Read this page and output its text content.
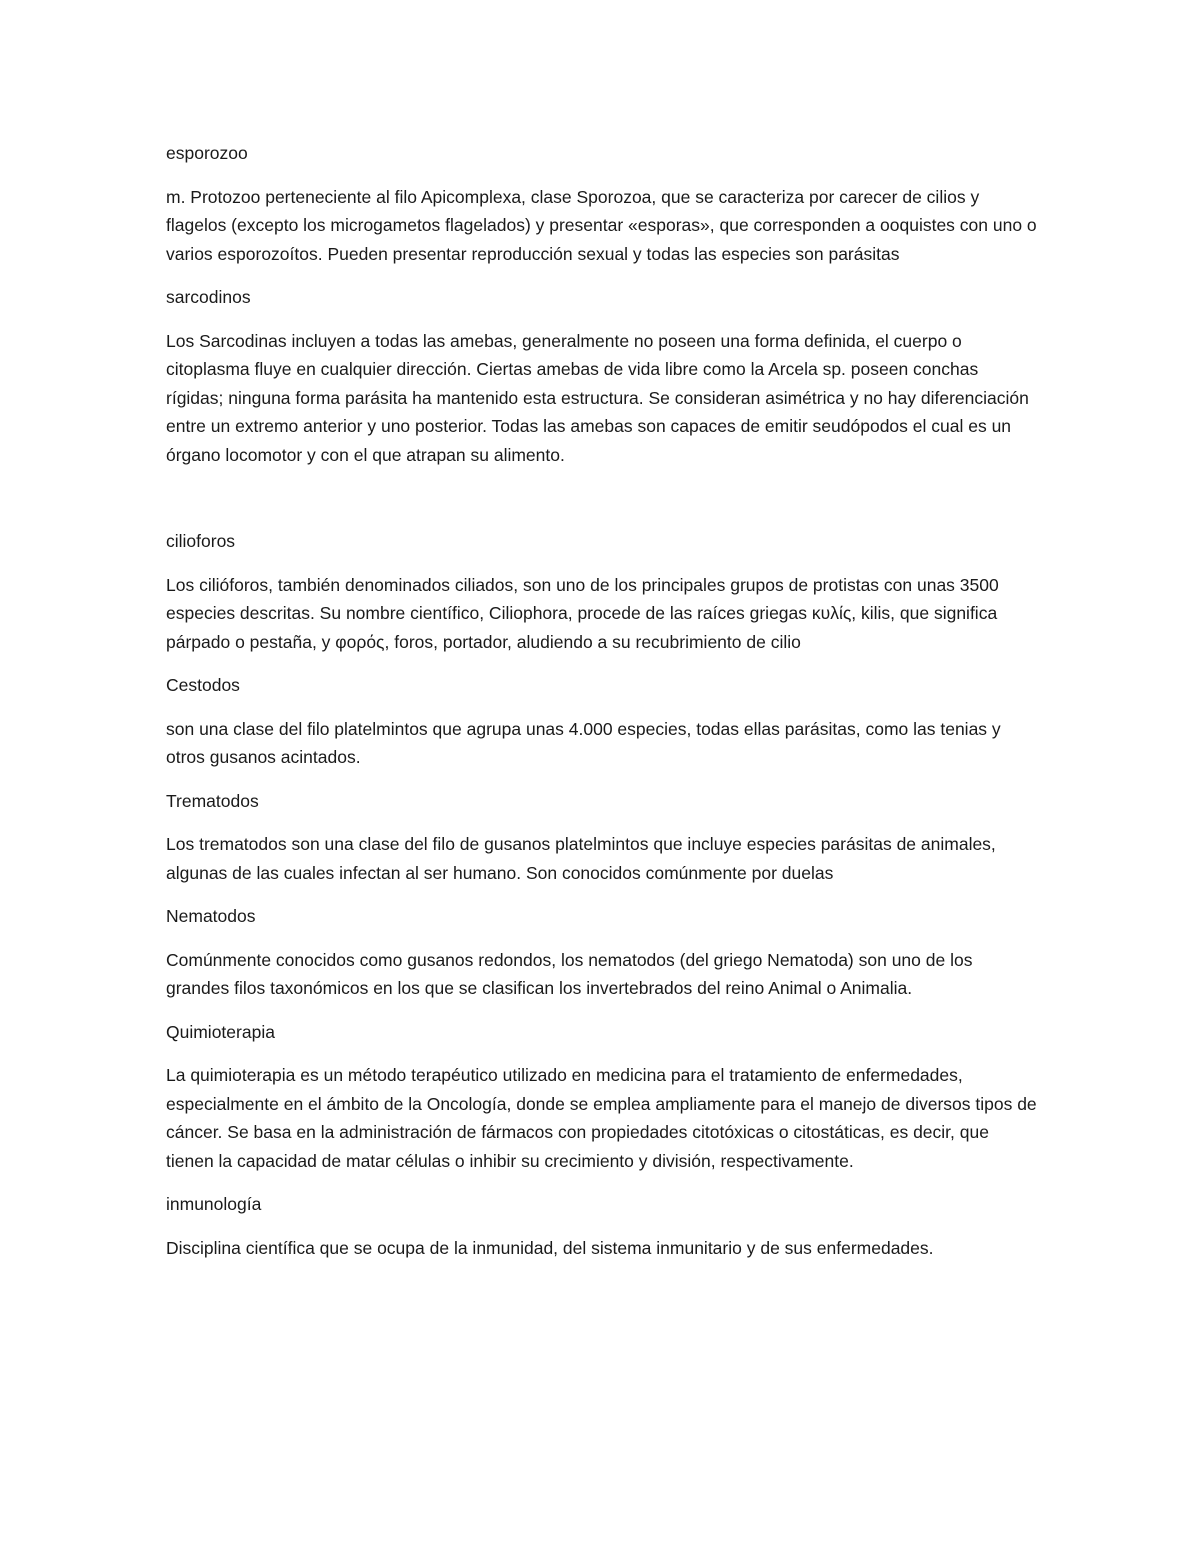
esporozoo

m. Protozoo perteneciente al filo Apicomplexa, clase Sporozoa, que se caracteriza por carecer de cilios y flagelos (excepto los microgametos flagelados) y presentar «esporas», que corresponden a ooquistes con uno o varios esporozoítos. Pueden presentar reproducción sexual y todas las especies son parásitas

sarcodinos

Los Sarcodinas incluyen a todas las amebas, generalmente no poseen una forma definida, el cuerpo o citoplasma fluye en cualquier dirección. Ciertas amebas de vida libre como la Arcela sp. poseen conchas rígidas; ninguna forma parásita ha mantenido esta estructura. Se consideran asimétrica y no hay diferenciación entre un extremo anterior y uno posterior. Todas las amebas son capaces de emitir seudópodos el cual es un órgano locomotor y con el que atrapan su alimento.

cilioforos

Los cilióforos, también denominados ciliados, son uno de los principales grupos de protistas con unas 3500 especies descritas. Su nombre científico, Ciliophora, procede de las raíces griegas κυλίς, kilis, que significa párpado o pestaña, y φορός, foros, portador, aludiendo a su recubrimiento de cilio

Cestodos

son una clase del filo platelmintos que agrupa unas 4.000 especies, todas ellas parásitas, como las tenias y otros gusanos acintados.

Trematodos

Los trematodos son una clase del filo de gusanos platelmintos que incluye especies parásitas de animales, algunas de las cuales infectan al ser humano. Son conocidos comúnmente por duelas

Nematodos

Comúnmente conocidos como gusanos redondos, los nematodos (del griego Nematoda) son uno de los grandes filos taxonómicos en los que se clasifican los invertebrados del reino Animal o Animalia.

Quimioterapia

La quimioterapia es un método terapéutico utilizado en medicina para el tratamiento de enfermedades, especialmente en el ámbito de la Oncología, donde se emplea ampliamente para el manejo de diversos tipos de cáncer. Se basa en la administración de fármacos con propiedades citotóxicas o citostáticas, es decir, que tienen la capacidad de matar células o inhibir su crecimiento y división, respectivamente.

inmunología

Disciplina científica que se ocupa de la inmunidad, del sistema inmunitario y de sus enfermedades.
